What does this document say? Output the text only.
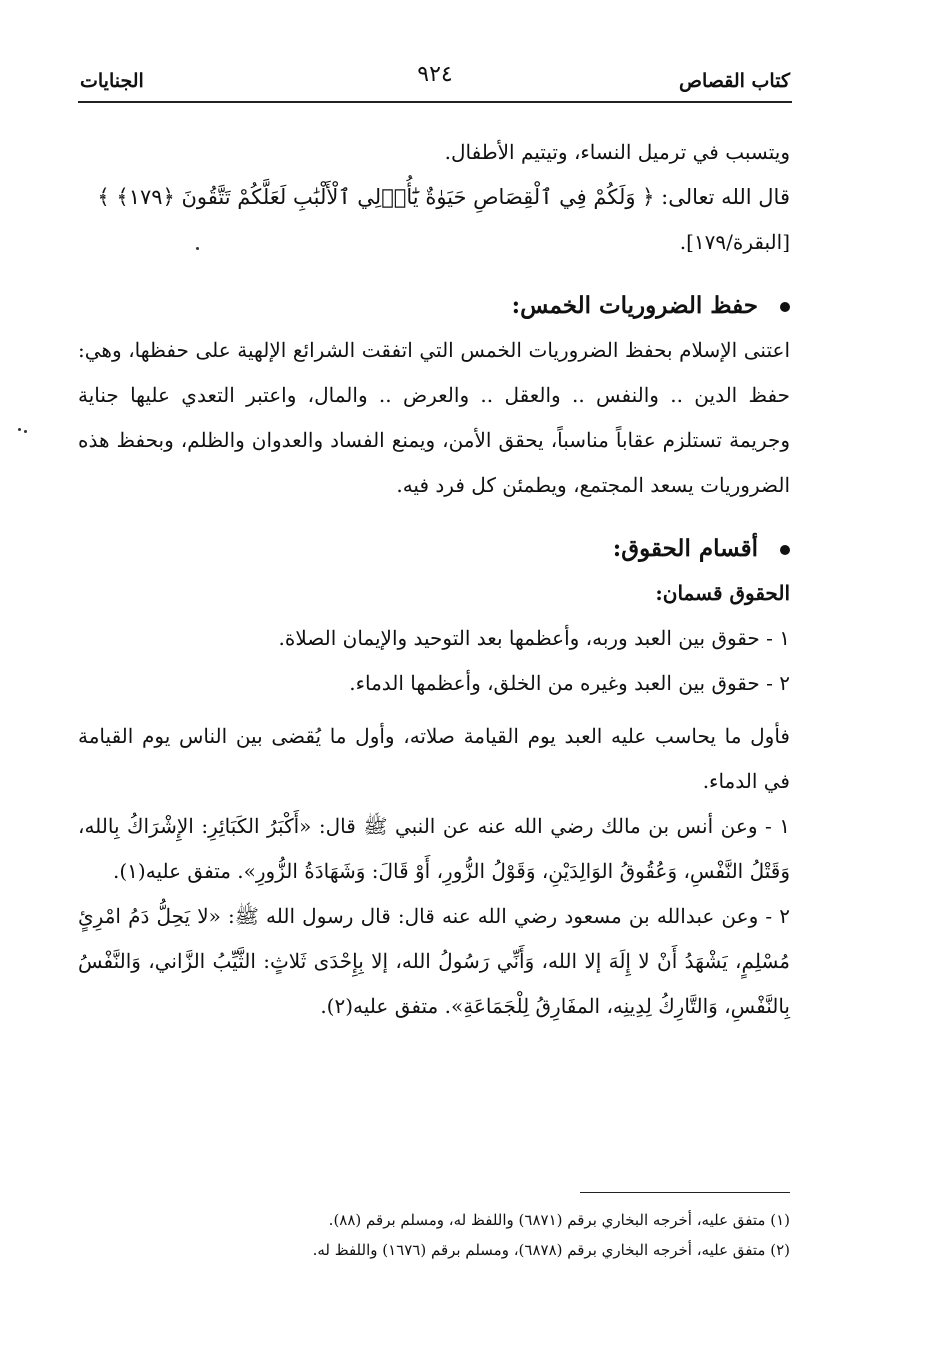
كتاب القصاص
٩٢٤
الجنايات

ويتسبب في ترميل النساء، وتيتيم الأطفال.

قال الله تعالى: ﴿ وَلَكُمْ فِي ٱلْقِصَاصِ حَيَوٰةٌ يَٰٓأُو۟لِي ٱلْأَلْبَٰبِ لَعَلَّكُمْ تَتَّقُونَ ﴿١٧٩﴾ ﴾

[البقرة/١٧٩].

حفظ الضروريات الخمس:

اعتنى الإسلام بحفظ الضروريات الخمس التي اتفقت الشرائع الإلهية على حفظها، وهي: حفظ الدين .. والنفس .. والعقل .. والعرض .. والمال، واعتبر التعدي عليها جناية وجريمة تستلزم عقاباً مناسباً، يحقق الأمن، ويمنع الفساد والعدوان والظلم، وبحفظ هذه الضروريات يسعد المجتمع، ويطمئن كل فرد فيه.

أقسام الحقوق:

الحقوق قسمان:

١ - حقوق بين العبد وربه، وأعظمها بعد التوحيد والإيمان الصلاة.

٢ - حقوق بين العبد وغيره من الخلق، وأعظمها الدماء.

فأول ما يحاسب عليه العبد يوم القيامة صلاته، وأول ما يُقضى بين الناس يوم القيامة في الدماء.

١ - وعن أنس بن مالك رضي الله عنه عن النبي ﷺ قال: «أَكْبَرُ الكَبَائِرِ: الإِشْرَاكُ بِالله، وَقَتْلُ النَّفْسِ، وَعُقُوقُ الوَالِدَيْنِ، وَقَوْلُ الزُّورِ، أَوْ قَالَ: وَشَهَادَةُ الزُّورِ». متفق عليه(١).

٢ - وعن عبدالله بن مسعود رضي الله عنه قال: قال رسول الله ﷺ: «لا يَحِلُّ دَمُ امْرِئٍ مُسْلِمٍ، يَشْهَدُ أَنْ لا إِلَهَ إلا الله، وَأَنِّي رَسُولُ الله، إلا بِإِحْدَى ثَلاثٍ: الثَّيِّبُ الزَّاني، وَالنَّفْسُ بِالنَّفْسِ، وَالتَّارِكُ لِدِينِه، المفَارِقُ لِلْجَمَاعَةِ». متفق عليه(٢).

(١) متفق عليه، أخرجه البخاري برقم (٦٨٧١) واللفظ له، ومسلم برقم (٨٨).

(٢) متفق عليه، أخرجه البخاري برقم (٦٨٧٨)، ومسلم برقم (١٦٧٦) واللفظ له.
